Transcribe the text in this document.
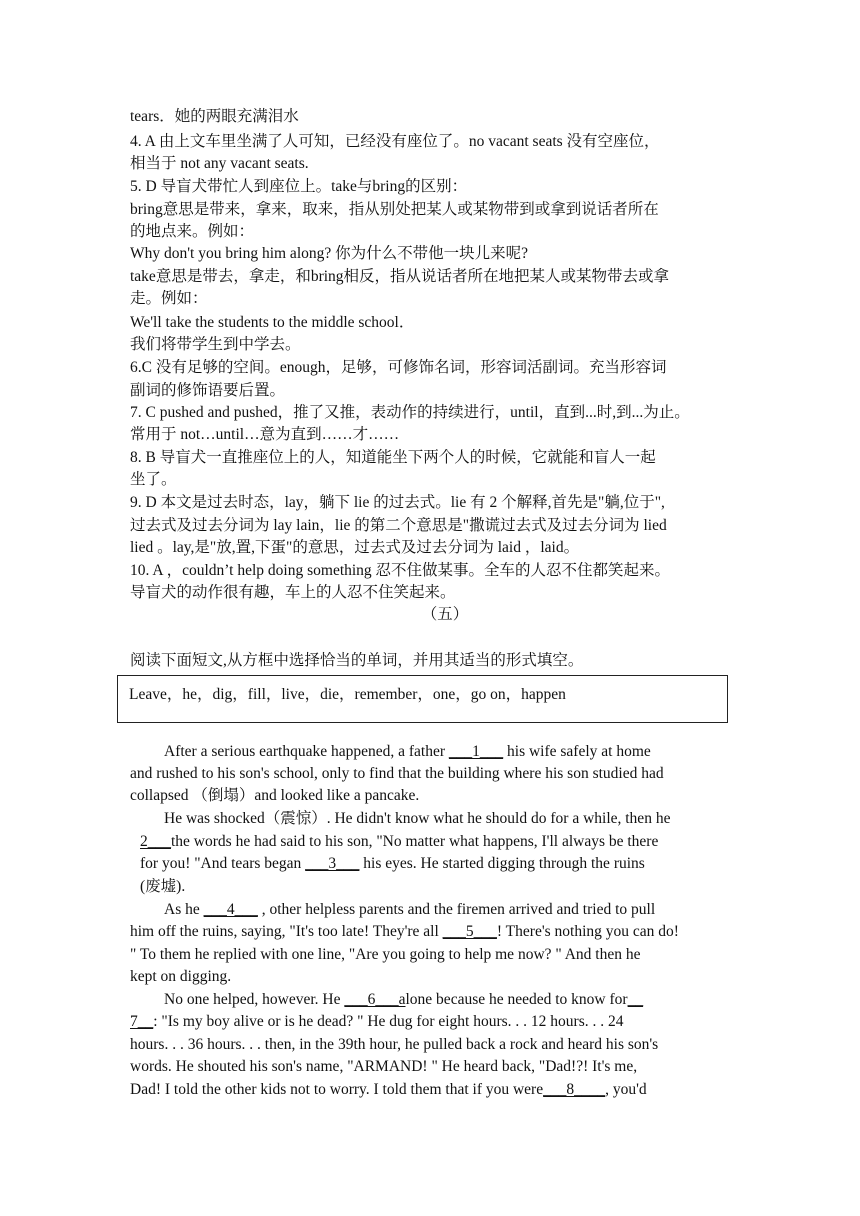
tears．她的两眼充满泪水
4. A 由上文车里坐满了人可知，已经没有座位了。no vacant seats 没有空座位，
相当于 not any vacant seats.
5. D 导盲犬带忙人到座位上。take与bring的区别：
bring意思是带来，拿来，取来，指从别处把某人或某物带到或拿到说话者所在
的地点来。例如：
Why don't you bring him along? 你为什么不带他一块儿来呢?
take意思是带去，拿走，和bring相反，指从说话者所在地把某人或某物带去或拿
走。例如：
We'll take the students to the middle school．
我们将带学生到中学去。
6.C 没有足够的空间。enough，足够，可修饰名词，形容词活副词。充当形容词
副词的修饰语要后置。
7. C pushed and pushed，推了又推，表动作的持续进行，until，直到...时,到...为止。
常用于 not…until…意为直到……才……
8. B 导盲犬一直推座位上的人，知道能坐下两个人的时候，它就能和盲人一起
坐了。
9. D 本文是过去时态，lay，躺下 lie 的过去式。lie 有 2 个解释,首先是"躺,位于",
过去式及过去分词为 lay lain，lie 的第二个意思是"撒谎过去式及过去分词为 lied
lied 。lay,是"放,置,下蛋"的意思，过去式及过去分词为 laid ，laid。
10. A ，couldn’t help doing something 忍不住做某事。全车的人忍不住都笑起来。
导盲犬的动作很有趣，车上的人忍不住笑起来。
（五）
阅读下面短文,从方框中选择恰当的单词，并用其适当的形式填空。
Leave，he，dig，fill，live，die，remember，one，go on，happen
After a serious earthquake happened, a father ___1___ his wife safely at home
and rushed to his son's school, only to find that the building where his son studied had
collapsed （倒塌）and looked like a pancake.
He was shocked（震惊）. He didn't know what he should do for a while, then he
2___the words he had said to his son, "No matter what happens, I'll always be there
for you! "And tears began ___3___ his eyes. He started digging through the ruins
(废墟).
As he ___4___ , other helpless parents and the firemen arrived and tried to pull
him off the ruins, saying, "It's too late! They're all ___5___! There's nothing you can do!
" To them he replied with one line, "Are you going to help me now? " And then he
kept on digging.
No one helped, however. He ___6___alone because he needed to know for__
7__: "Is my boy alive or is he dead? " He dug for eight hours. . . 12 hours. . . 24
hours. . . 36 hours. . . then, in the 39th hour, he pulled back a rock and heard his son's
words. He shouted his son's name, "ARMAND! " He heard back, "Dad!?! It's me,
Dad! I told the other kids not to worry. I told them that if you were___8____, you'd
